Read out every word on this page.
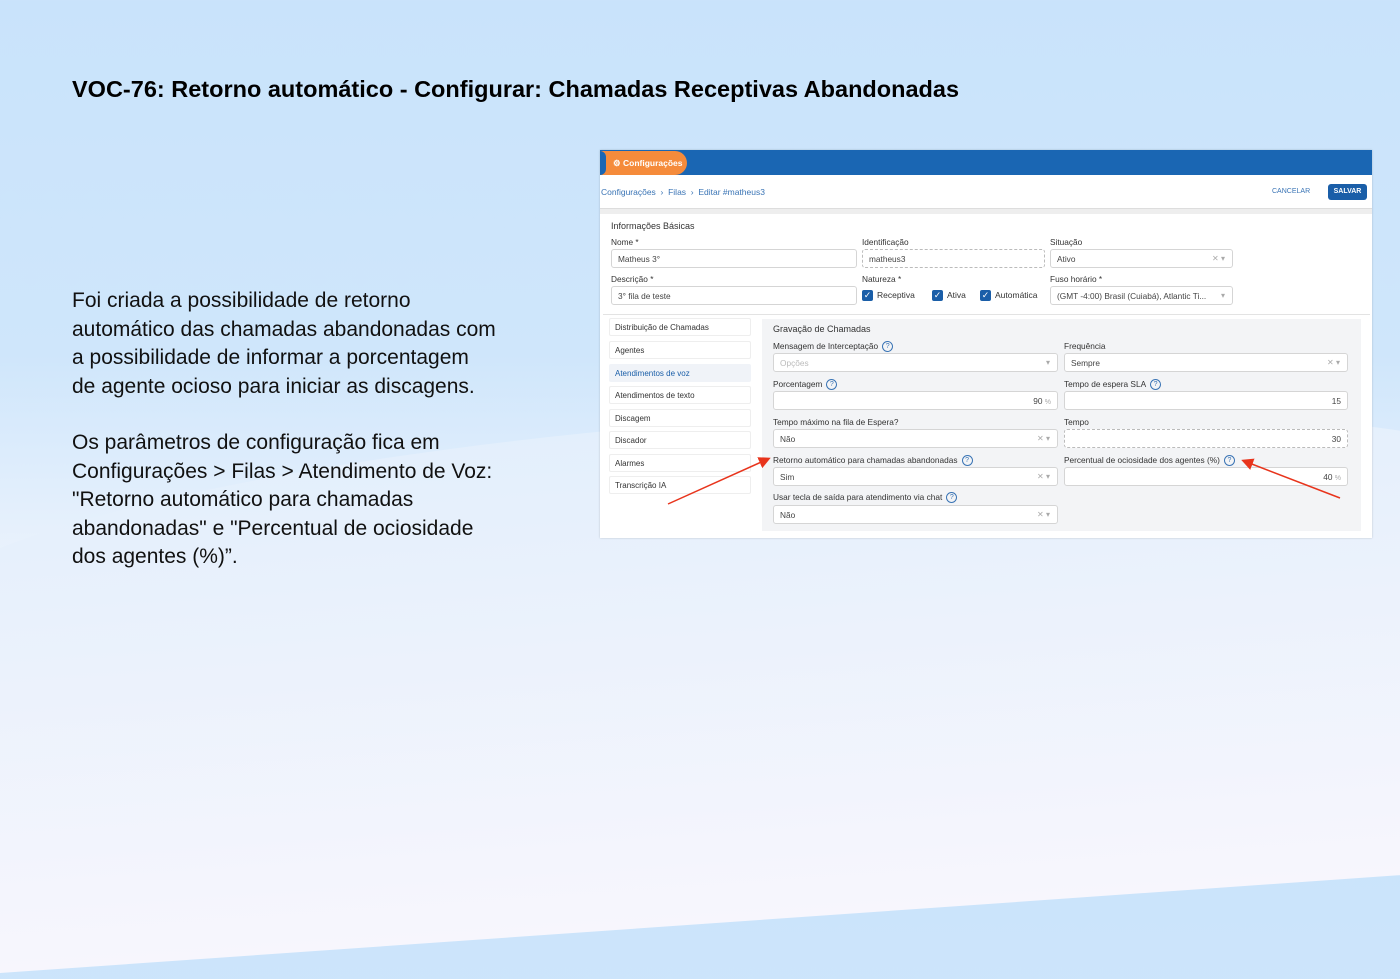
VOC-76: Retorno automático - Configurar: Chamadas Receptivas Abandonadas
Foi criada a possibilidade de retorno
automático das chamadas abandonadas com
a possibilidade de informar a porcentagem
de agente ocioso para iniciar as discagens.
Os parâmetros de configuração fica em
Configurações > Filas > Atendimento de Voz:
"Retorno automático para chamadas
abandonadas" e "Percentual de ociosidade
dos agentes (%)”.
⚙ Configurações
Configurações  ›  Filas  ›  Editar #matheus3	CANCELAR	SALVAR
Informações Básicas
Nome *
Matheus 3°
Identificação
matheus3
Situação
Ativo	✕ ▾
Descrição *
3° fila de teste
Natureza *
✓ Receptiva ✓ Ativa ✓ Automática
Fuso horário *
(GMT -4:00) Brasil (Cuiabá), Atlantic Ti...	▾
Distribuição de Chamadas
Agentes
Atendimentos de voz
Atendimentos de texto
Discagem
Discador
Alarmes
Transcrição IA
Gravação de Chamadas
Mensagem de Interceptação ?
Opções	▾
Frequência
Sempre	✕ ▾
Porcentagem ?
90 %
Tempo de espera SLA ?
15
Tempo máximo na fila de Espera?
Não	✕ ▾
Tempo
30
Retorno automático para chamadas abandonadas ?
Sim	✕ ▾
Percentual de ociosidade dos agentes (%) ?
40 %
Usar tecla de saída para atendimento via chat ?
Não	✕ ▾
